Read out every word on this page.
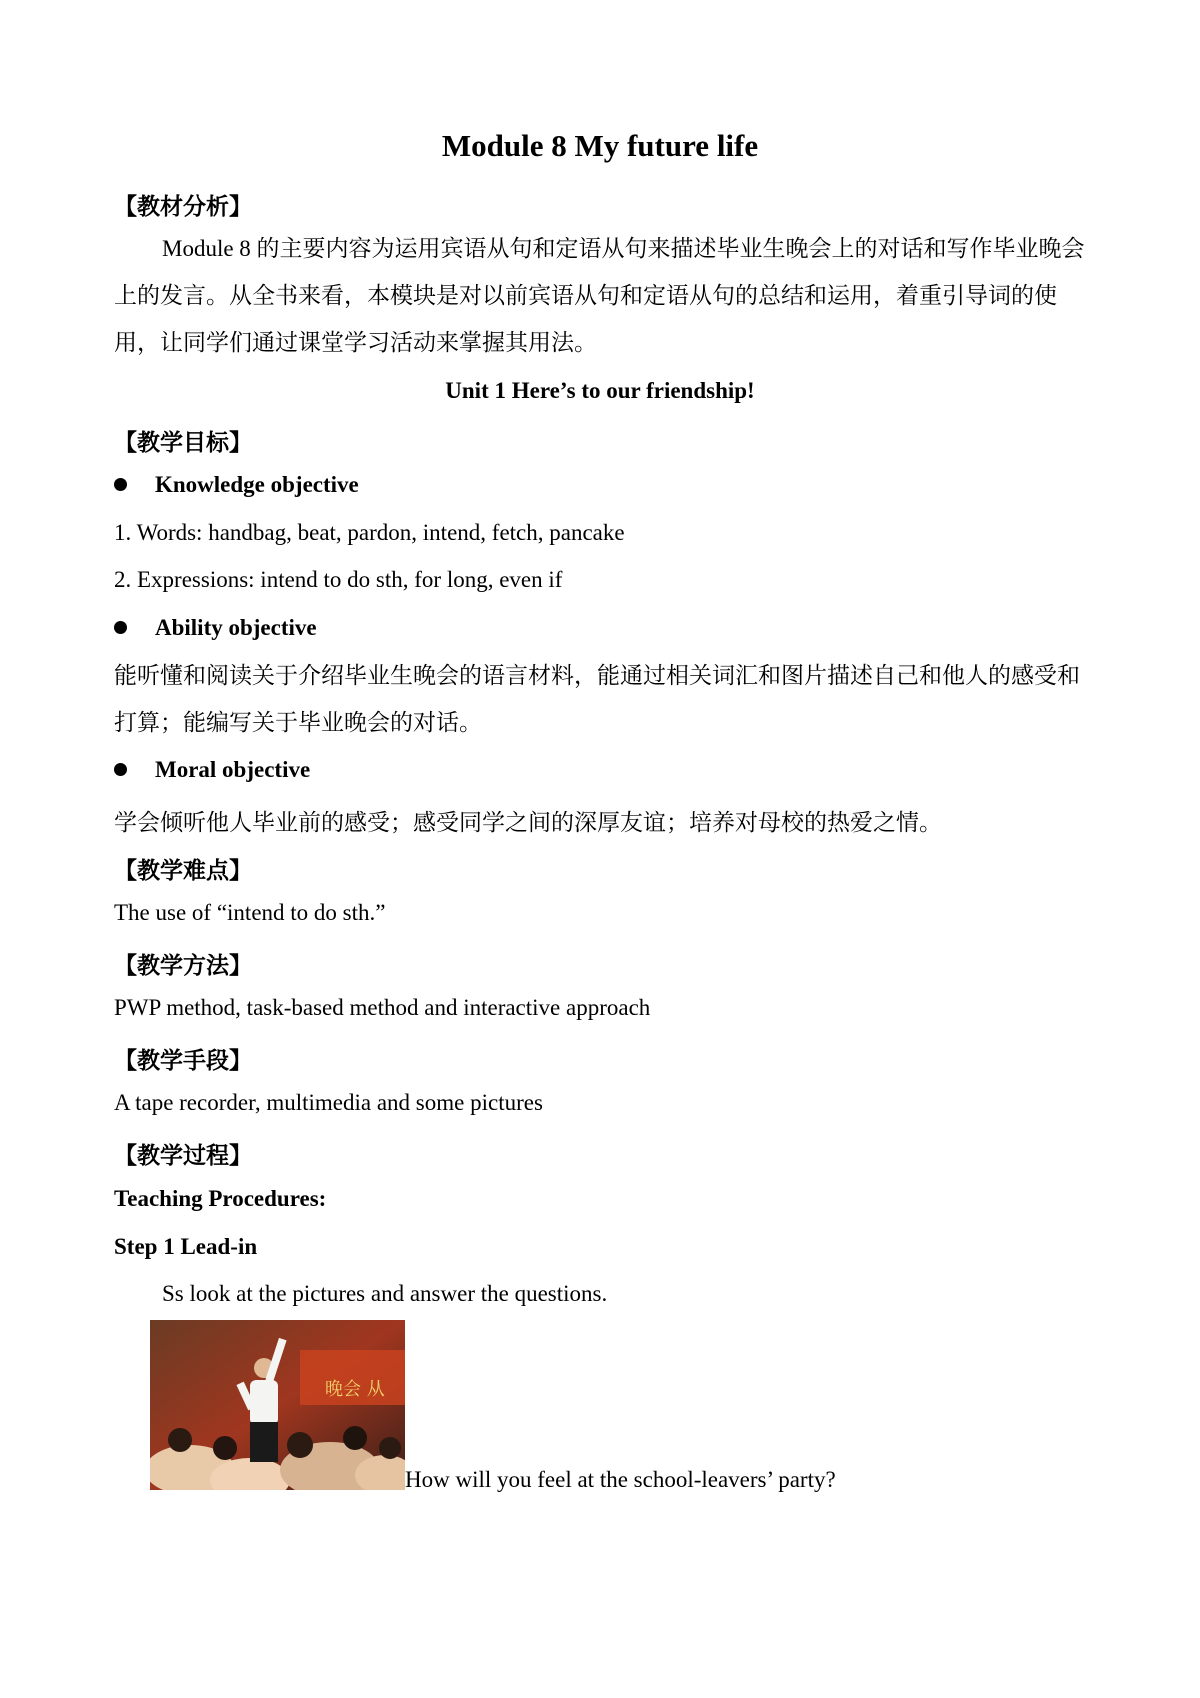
Module 8 My future life
【教材分析】
Module 8 的主要内容为运用宾语从句和定语从句来描述毕业生晚会上的对话和写作毕业晚会上的发言。从全书来看，本模块是对以前宾语从句和定语从句的总结和运用，着重引导词的使用，让同学们通过课堂学习活动来掌握其用法。
Unit 1 Here’s to our friendship!
【教学目标】
Knowledge objective
1. Words: handbag, beat, pardon, intend, fetch, pancake
2. Expressions: intend to do sth, for long, even if
Ability objective
能听懂和阅读关于介绍毕业生晚会的语言材料，能通过相关词汇和图片描述自己和他人的感受和打算；能编写关于毕业晚会的对话。
Moral objective
学会倾听他人毕业前的感受；感受同学之间的深厚友谊；培养对母校的热爱之情。
【教学难点】
The use of “intend to do sth.”
【教学方法】
PWP method, task-based method and interactive approach
【教学手段】
A tape recorder, multimedia and some pictures
【教学过程】
Teaching Procedures:
Step 1 Lead-in
Ss look at the pictures and answer the questions.
晚会 从
How will you feel at the school-leavers’ party?
